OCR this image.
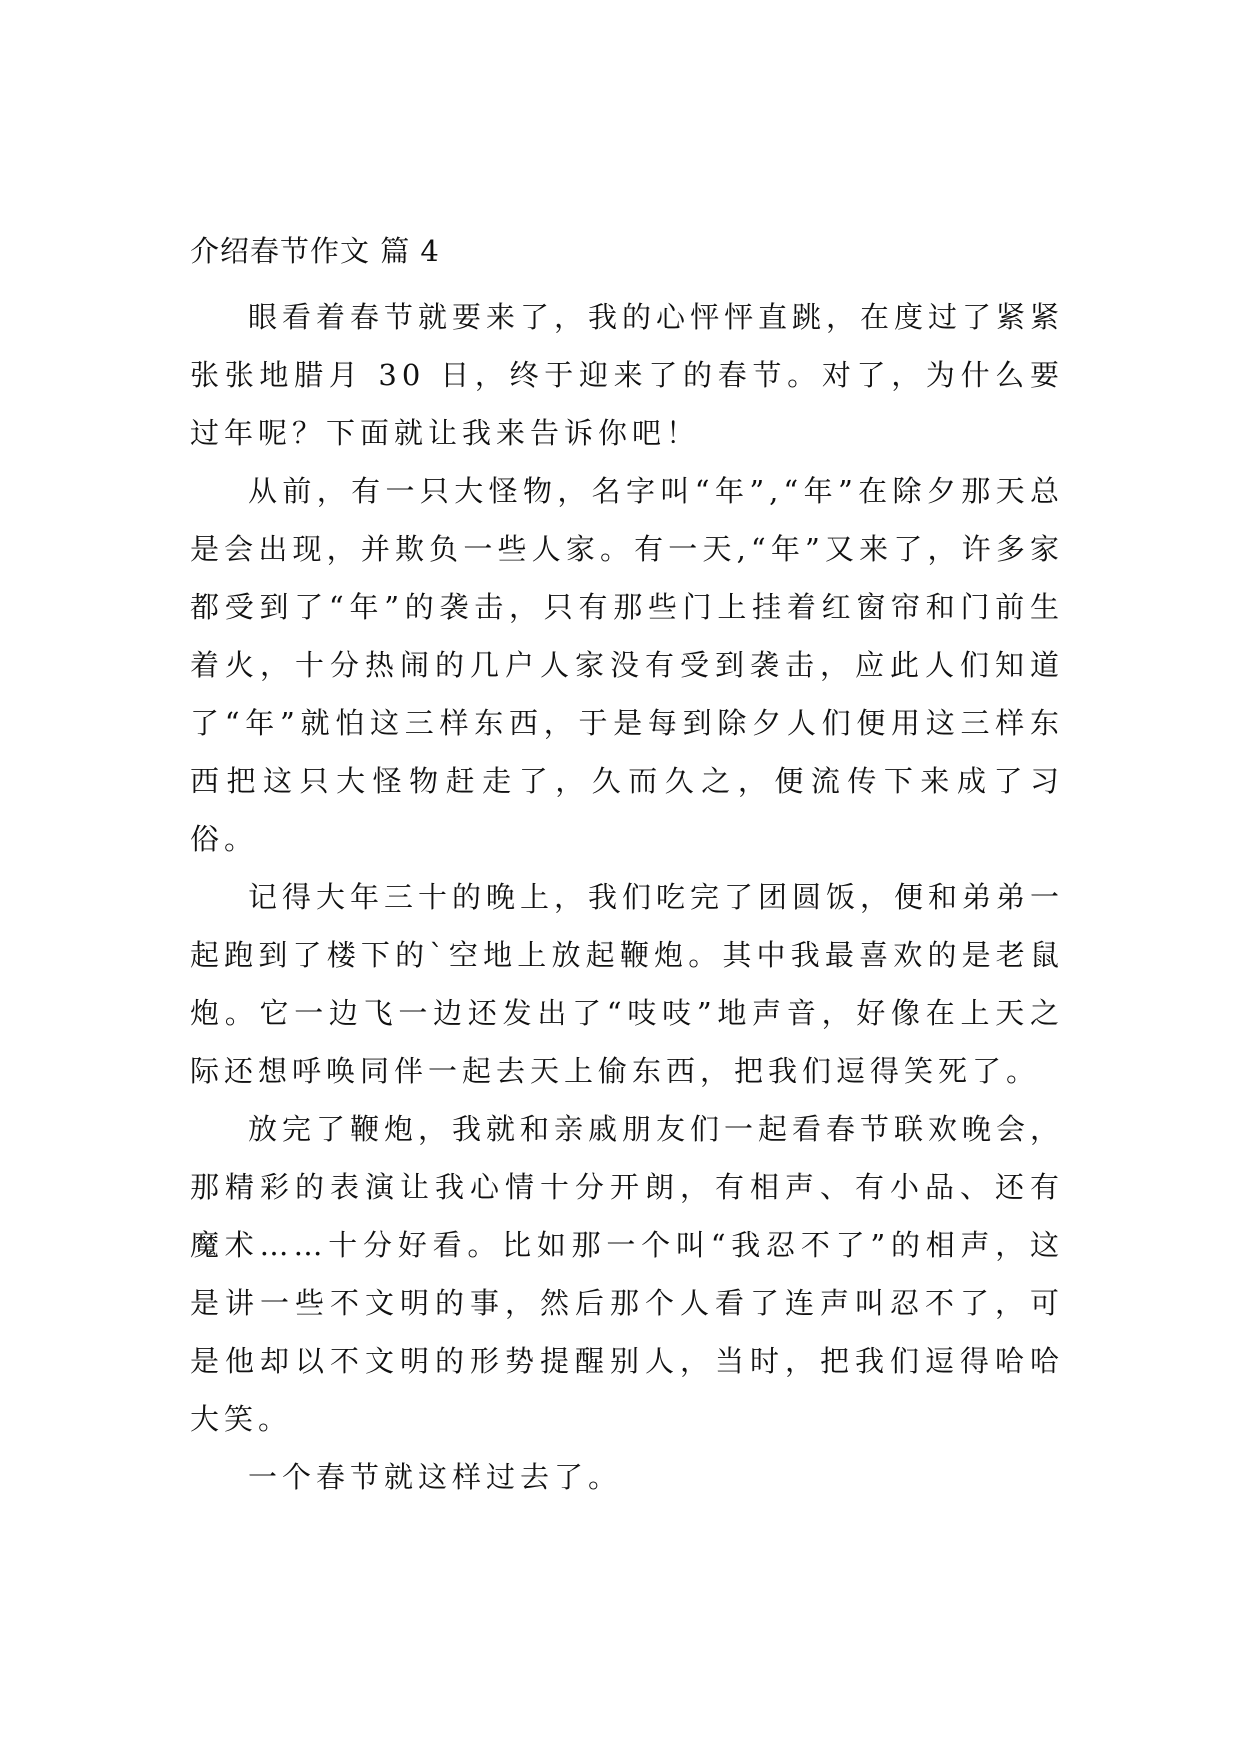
介绍春节作文 篇 4

眼看着春节就要来了，我的心怦怦直跳，在度过了紧紧张张地腊月 30 日，终于迎来了的春节。对了，为什么要过年呢？下面就让我来告诉你吧！

从前，有一只大怪物，名字叫“年”,“年”在除夕那天总是会出现，并欺负一些人家。有一天,“年”又来了，许多家都受到了“年”的袭击，只有那些门上挂着红窗帘和门前生着火，十分热闹的几户人家没有受到袭击，应此人们知道了“年”就怕这三样东西，于是每到除夕人们便用这三样东西把这只大怪物赶走了，久而久之，便流传下来成了习俗。

记得大年三十的晚上，我们吃完了团圆饭，便和弟弟一起跑到了楼下的`空地上放起鞭炮。其中我最喜欢的是老鼠炮。它一边飞一边还发出了“吱吱”地声音，好像在上天之际还想呼唤同伴一起去天上偷东西，把我们逗得笑死了。

放完了鞭炮，我就和亲戚朋友们一起看春节联欢晚会，那精彩的表演让我心情十分开朗，有相声、有小品、还有魔术……十分好看。比如那一个叫“我忍不了”的相声，这是讲一些不文明的事，然后那个人看了连声叫忍不了，可是他却以不文明的形势提醒别人，当时，把我们逗得哈哈大笑。

一个春节就这样过去了。
